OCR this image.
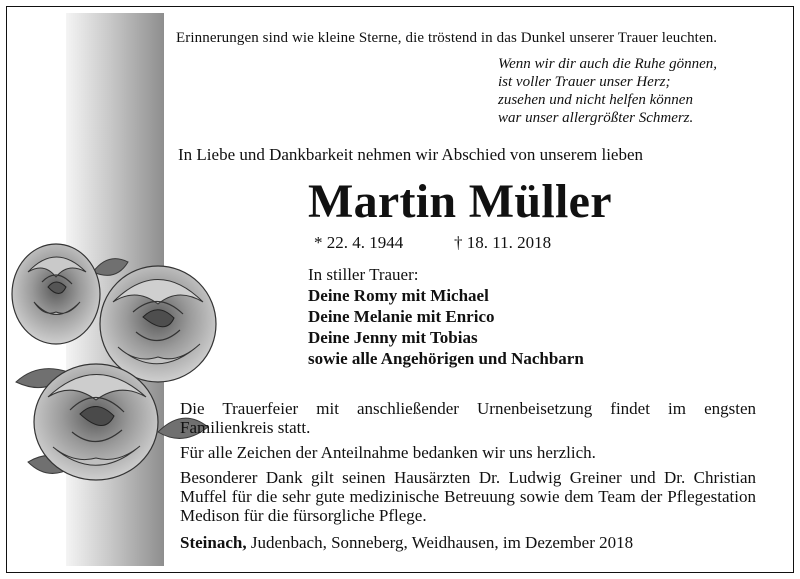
Erinnerungen sind wie kleine Sterne, die tröstend in das Dunkel unserer Trauer leuchten.
Wenn wir dir auch die Ruhe gönnen,
ist voller Trauer unser Herz;
zusehen und nicht helfen können
war unser allergrößter Schmerz.
In Liebe und Dankbarkeit nehmen wir Abschied von unserem lieben
Martin Müller
* 22. 4. 1944	† 18. 11. 2018
In stiller Trauer:
Deine Romy mit Michael
Deine Melanie mit Enrico
Deine Jenny mit Tobias
sowie alle Angehörigen und Nachbarn

Die Trauerfeier mit anschließender Urnenbeisetzung findet im engsten Familienkreis statt.

Für alle Zeichen der Anteilnahme bedanken wir uns herzlich.

Besonderer Dank gilt seinen Hausärzten Dr. Ludwig Greiner und Dr. Christian Muffel für die sehr gute medizinische Betreuung sowie dem Team der Pflegestation Medison für die fürsorgliche Pflege.

Steinach, Judenbach, Sonneberg, Weidhausen, im Dezember 2018
